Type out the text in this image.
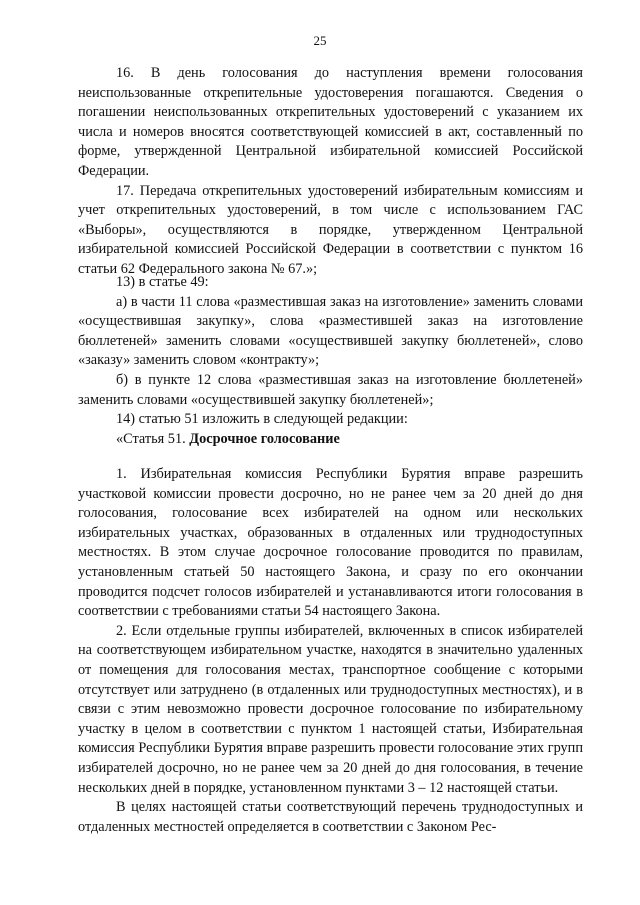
25

16. В день голосования до наступления времени голосования неиспользованные открепительные удостоверения погашаются. Сведения о погашении неиспользованных открепительных удостоверений с указанием их числа и номеров вносятся соответствующей комиссией в акт, составленный по форме, утвержденной Центральной избирательной комиссией Российской Федерации.

17. Передача открепительных удостоверений избирательным комиссиям и учет открепительных удостоверений, в том числе с использованием ГАС «Выборы», осуществляются в порядке, утвержденном Центральной избирательной комиссией Российской Федерации в соответствии с пунктом 16 статьи 62 Федерального закона № 67.»;

13) в статье 49:

а) в части 11 слова «разместившая заказ на изготовление» заменить словами «осуществившая закупку», слова «разместившей заказ на изготовление бюллетеней» заменить словами «осуществившей закупку бюллетеней», слово «заказу» заменить словом «контракту»;

б) в пункте 12 слова «разместившая заказ на изготовление бюллетеней» заменить словами «осуществившей закупку бюллетеней»;

14) статью 51 изложить в следующей редакции:

«Статья 51. Досрочное голосование

1. Избирательная комиссия Республики Бурятия вправе разрешить участковой комиссии провести досрочно, но не ранее чем за 20 дней до дня голосования, голосование всех избирателей на одном или нескольких избирательных участках, образованных в отдаленных или труднодоступных местностях. В этом случае досрочное голосование проводится по правилам, установленным статьей 50 настоящего Закона, и сразу по его окончании проводится подсчет голосов избирателей и устанавливаются итоги голосования в соответствии с требованиями статьи 54 настоящего Закона.

2. Если отдельные группы избирателей, включенных в список избирателей на соответствующем избирательном участке, находятся в значительно удаленных от помещения для голосования местах, транспортное сообщение с которыми отсутствует или затруднено (в отдаленных или труднодоступных местностях), и в связи с этим невозможно провести досрочное голосование по избирательному участку в целом в соответствии с пунктом 1 настоящей статьи, Избирательная комиссия Республики Бурятия вправе разрешить провести голосование этих групп избирателей досрочно, но не ранее чем за 20 дней до дня голосования, в течение нескольких дней в порядке, установленном пунктами 3 – 12 настоящей статьи.

В целях настоящей статьи соответствующий перечень труднодоступных и отдаленных местностей определяется в соответствии с Законом Рес-
